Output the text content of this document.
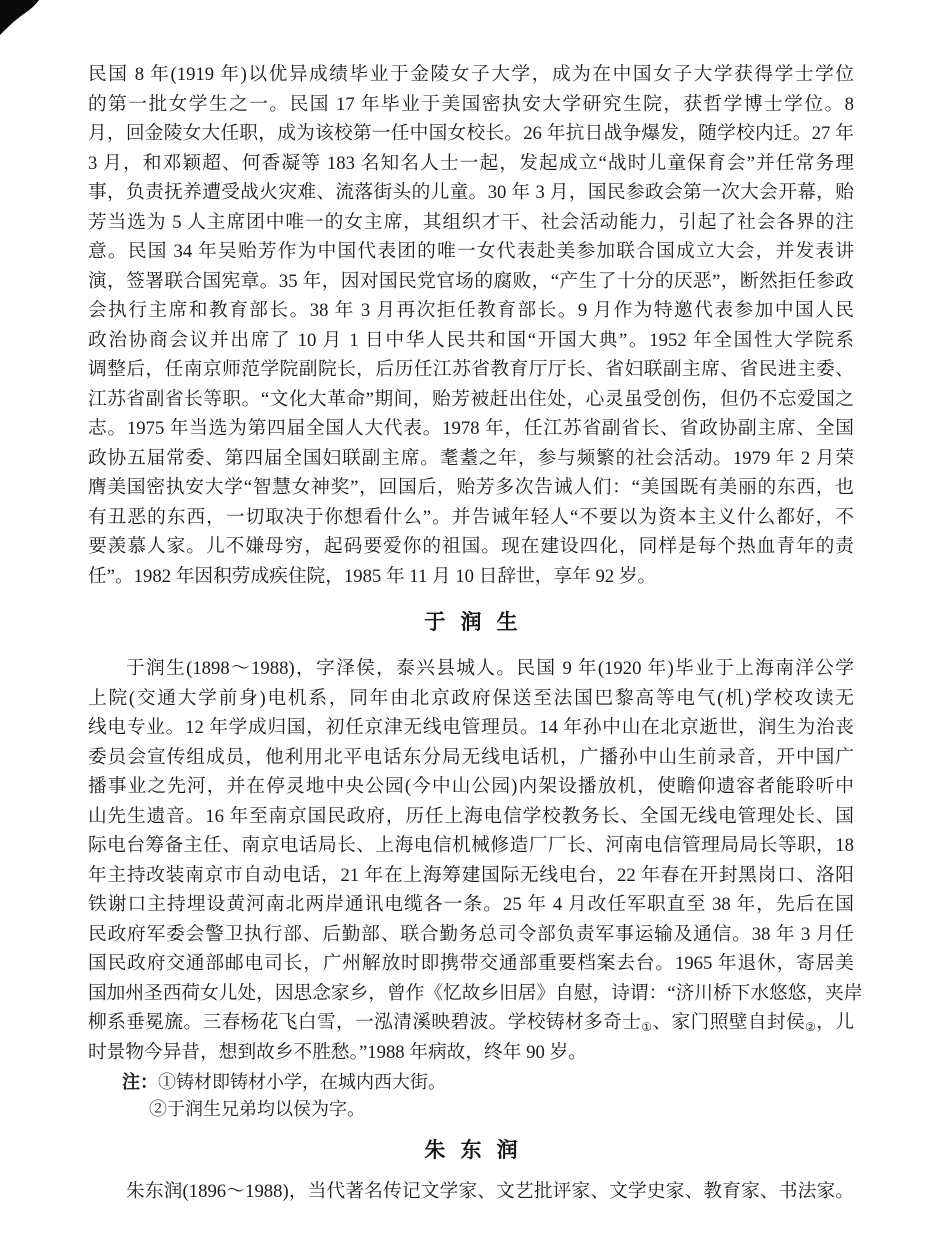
民国 8 年(1919 年)以优异成绩毕业于金陵女子大学，成为在中国女子大学获得学士学位
的第一批女学生之一。民国 17 年毕业于美国密执安大学研究生院，获哲学博士学位。8
月，回金陵女大任职，成为该校第一任中国女校长。26 年抗日战争爆发，随学校内迁。27 年
3 月，和邓颖超、何香凝等 183 名知名人士一起，发起成立“战时儿童保育会”并任常务理
事，负责抚养遭受战火灾难、流落街头的儿童。30 年 3 月，国民参政会第一次大会开幕，贻
芳当选为 5 人主席团中唯一的女主席，其组织才干、社会活动能力，引起了社会各界的注
意。民国 34 年吴贻芳作为中国代表团的唯一女代表赴美参加联合国成立大会，并发表讲
演，签署联合国宪章。35 年，因对国民党官场的腐败，“产生了十分的厌恶”，断然拒任参政
会执行主席和教育部长。38 年 3 月再次拒任教育部长。9 月作为特邀代表参加中国人民
政治协商会议并出席了 10 月 1 日中华人民共和国“开国大典”。1952 年全国性大学院系
调整后，任南京师范学院副院长，后历任江苏省教育厅厅长、省妇联副主席、省民进主委、
江苏省副省长等职。“文化大革命”期间，贻芳被赶出住处，心灵虽受创伤，但仍不忘爱国之
志。1975 年当选为第四届全国人大代表。1978 年，任江苏省副省长、省政协副主席、全国
政协五届常委、第四届全国妇联副主席。耄耋之年，参与频繁的社会活动。1979 年 2 月荣
膺美国密执安大学“智慧女神奖”，回国后，贻芳多次告诫人们：“美国既有美丽的东西，也
有丑恶的东西，一切取决于你想看什么”。并告诫年轻人“不要以为资本主义什么都好，不
要羡慕人家。儿不嫌母穷，起码要爱你的祖国。现在建设四化，同样是每个热血青年的责
任”。1982 年因积劳成疾住院，1985 年 11 月 10 日辞世，享年 92 岁。
于润生
于润生(1898～1988)，字泽侯，泰兴县城人。民国 9 年(1920 年)毕业于上海南洋公学
上院(交通大学前身)电机系，同年由北京政府保送至法国巴黎高等电气(机)学校攻读无
线电专业。12 年学成归国，初任京津无线电管理员。14 年孙中山在北京逝世，润生为治丧
委员会宣传组成员，他利用北平电话东分局无线电话机，广播孙中山生前录音，开中国广
播事业之先河，并在停灵地中央公园(今中山公园)内架设播放机，使瞻仰遗容者能聆听中
山先生遗音。16 年至南京国民政府，历任上海电信学校教务长、全国无线电管理处长、国
际电台筹备主任、南京电话局长、上海电信机械修造厂厂长、河南电信管理局局长等职，18
年主持改装南京市自动电话，21 年在上海筹建国际无线电台，22 年春在开封黑岗口、洛阳
铁谢口主持埋设黄河南北两岸通讯电缆各一条。25 年 4 月改任军职直至 38 年，先后在国
民政府军委会警卫执行部、后勤部、联合勤务总司令部负责军事运输及通信。38 年 3 月任
国民政府交通部邮电司长，广州解放时即携带交通部重要档案去台。1965 年退休，寄居美
国加州圣西荷女儿处，因思念家乡，曾作《忆故乡旧居》自慰，诗谓：“济川桥下水悠悠，夹岸
柳系垂冕旒。三春杨花飞白雪，一泓清溪映碧波。学校铸材多奇士①、家门照壁自封侯②，儿
时景物今异昔，想到故乡不胜愁。”1988 年病故，终年 90 岁。
注：①铸材即铸材小学，在城内西大街。
②于润生兄弟均以侯为字。
朱东润
朱东润(1896～1988)，当代著名传记文学家、文艺批评家、文学史家、教育家、书法家。
